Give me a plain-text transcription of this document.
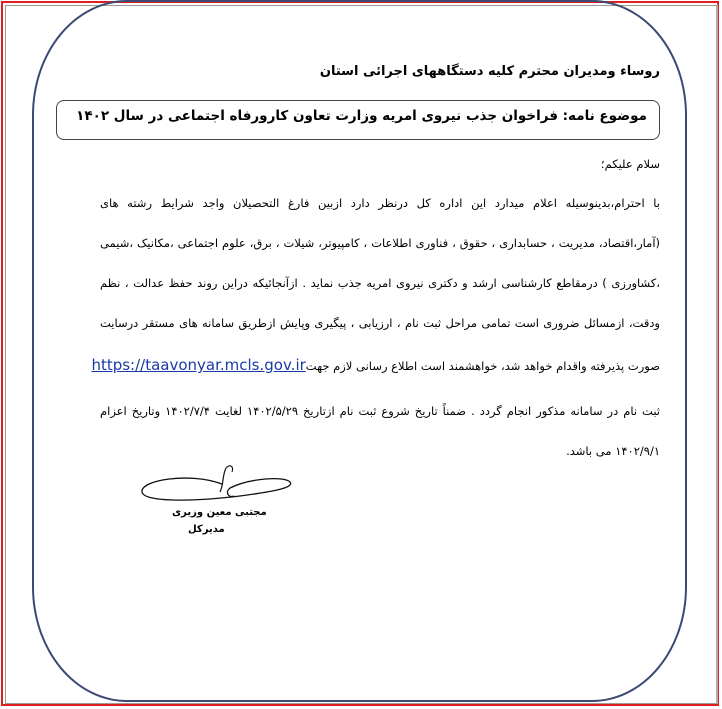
روساء ومدیران محترم کلیه دستگاههای اجرائی استان
موضوع نامه: فراخوان جذب نیروی امریه وزارت تعاون کارورفاه اجتماعی در سال ۱۴۰۲
سلام علیکم؛
با احترام،بدینوسیله اعلام میدارد این اداره کل درنظر دارد ازبین فارغ التحصیلان واجد شرایط رشته های
(آمار،اقتصاد، مدیریت ، حسابداری ، حقوق ، فناوری اطلاعات ، کامپیوتر، شیلات ، برق، علوم اجتماعی ،مکانیک ،شیمی
،کشاورزی ) درمقاطع کارشناسی ارشد و دکتری نیروی امریه جذب نماید . ازآنجائیکه دراین روند حفظ عدالت ، نظم
ودقت، ازمسائل ضروری است تمامی مراحل ثبت نام ، ارزیابی ، پیگیری وپایش ازطریق سامانه های مستقر درسایت
صورت پذیرفته واقدام خواهد شد، خواهشمند است اطلاع رسانی لازم جهتhttps://taavonyar.mcls.gov.ir
ثبت نام در سامانه مذکور انجام گردد . ضمناً تاریخ شروع ثبت نام ازتاریخ ۱۴۰۲/۵/۲۹ لغایت ۱۴۰۲/۷/۴ وتاریخ اعزام
۱۴۰۲/۹/۱ می باشد.
مجتبی معین وزیری
مدیرکل
